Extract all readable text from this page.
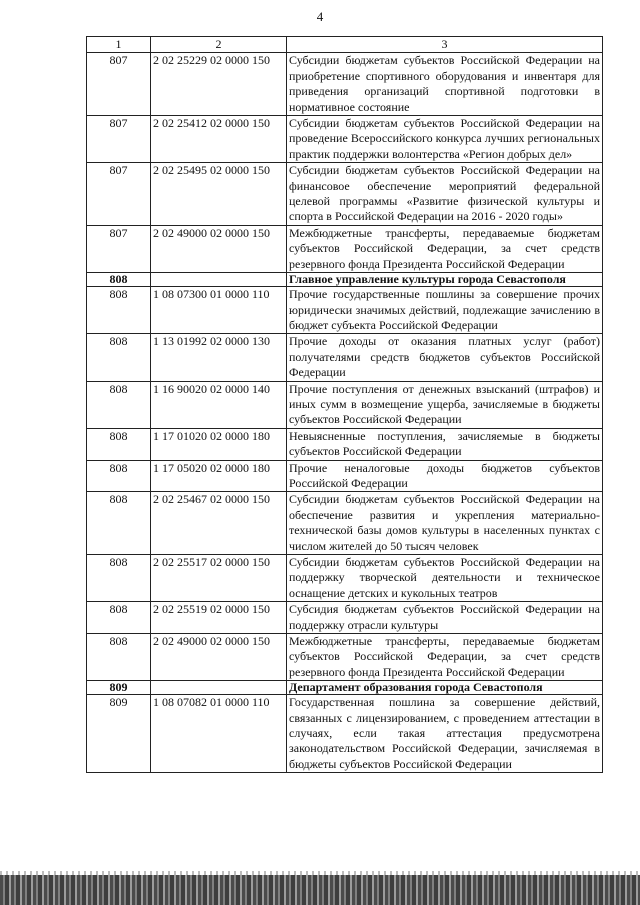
4
1	2	3
807	2 02 25229 02 0000 150	Субсидии бюджетам субъектов Российской Федерации на приобретение спортивного оборудования и инвентаря для приведения организаций спортивной подготовки в нормативное состояние
807	2 02 25412 02 0000 150	Субсидии бюджетам субъектов Российской Федерации на проведение Всероссийского конкурса лучших региональных практик поддержки волонтерства «Регион добрых дел»
807	2 02 25495 02 0000 150	Субсидии бюджетам субъектов Российской Федерации на финансовое обеспечение мероприятий федеральной целевой программы «Развитие физической культуры и спорта в Российской Федерации на 2016 - 2020 годы»
807	2 02 49000 02 0000 150	Межбюджетные трансферты, передаваемые бюджетам субъектов Российской Федерации, за счет средств резервного фонда Президента Российской Федерации
808		Главное управление культуры города Севастополя
808	1 08 07300 01 0000 110	Прочие государственные пошлины за совершение прочих юридически значимых действий, подлежащие зачислению в бюджет субъекта Российской Федерации
808	1 13 01992 02 0000 130	Прочие доходы от оказания платных услуг (работ) получателями средств бюджетов субъектов Российской Федерации
808	1 16 90020 02 0000 140	Прочие поступления от денежных взысканий (штрафов) и иных сумм в возмещение ущерба, зачисляемые в бюджеты субъектов Российской Федерации
808	1 17 01020 02 0000 180	Невыясненные поступления, зачисляемые в бюджеты субъектов Российской Федерации
808	1 17 05020 02 0000 180	Прочие неналоговые доходы бюджетов субъектов Российской Федерации
808	2 02 25467 02 0000 150	Субсидии бюджетам субъектов Российской Федерации на обеспечение развития и укрепления материально-технической базы домов культуры в населенных пунктах с числом жителей до 50 тысяч человек
808	2 02 25517 02 0000 150	Субсидии бюджетам субъектов Российской Федерации на поддержку творческой деятельности и техническое оснащение детских и кукольных театров
808	2 02 25519 02 0000 150	Субсидия бюджетам субъектов Российской Федерации на поддержку отрасли культуры
808	2 02 49000 02 0000 150	Межбюджетные трансферты, передаваемые бюджетам субъектов Российской Федерации, за счет средств резервного фонда Президента Российской Федерации
809		Департамент образования города Севастополя
809	1 08 07082 01 0000 110	Государственная пошлина за совершение действий, связанных с лицензированием, с проведением аттестации в случаях, если такая аттестация предусмотрена законодательством Российской Федерации, зачисляемая в бюджеты субъектов Российской Федерации
